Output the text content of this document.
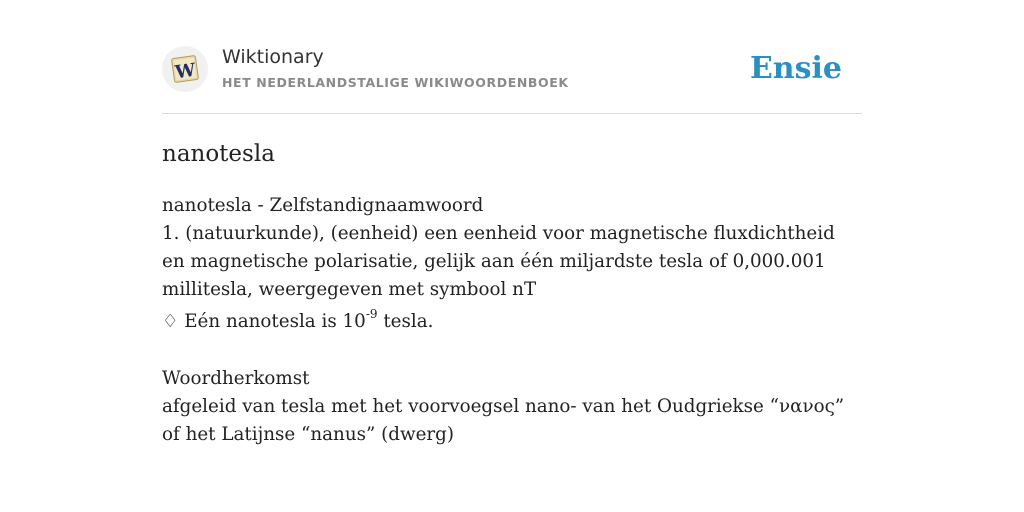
W
Wiktionary
HET NEDERLANDSTALIGE WIKIWOORDENBOEK	Ensie
nanotesla
nanotesla - Zelfstandignaamwoord
1. (natuurkunde), (eenheid) een eenheid voor magnetische fluxdichtheid en magnetische polarisatie, gelijk aan één miljardste tesla of 0,000.001 millitesla, weergegeven met symbool nT
♢ Eén nanotesla is $10^{-9}$ tesla.
Woordherkomst
afgeleid van tesla met het voorvoegsel nano- van het Oudgriekse “νανος” of het Latijnse “nanus” (dwerg)
